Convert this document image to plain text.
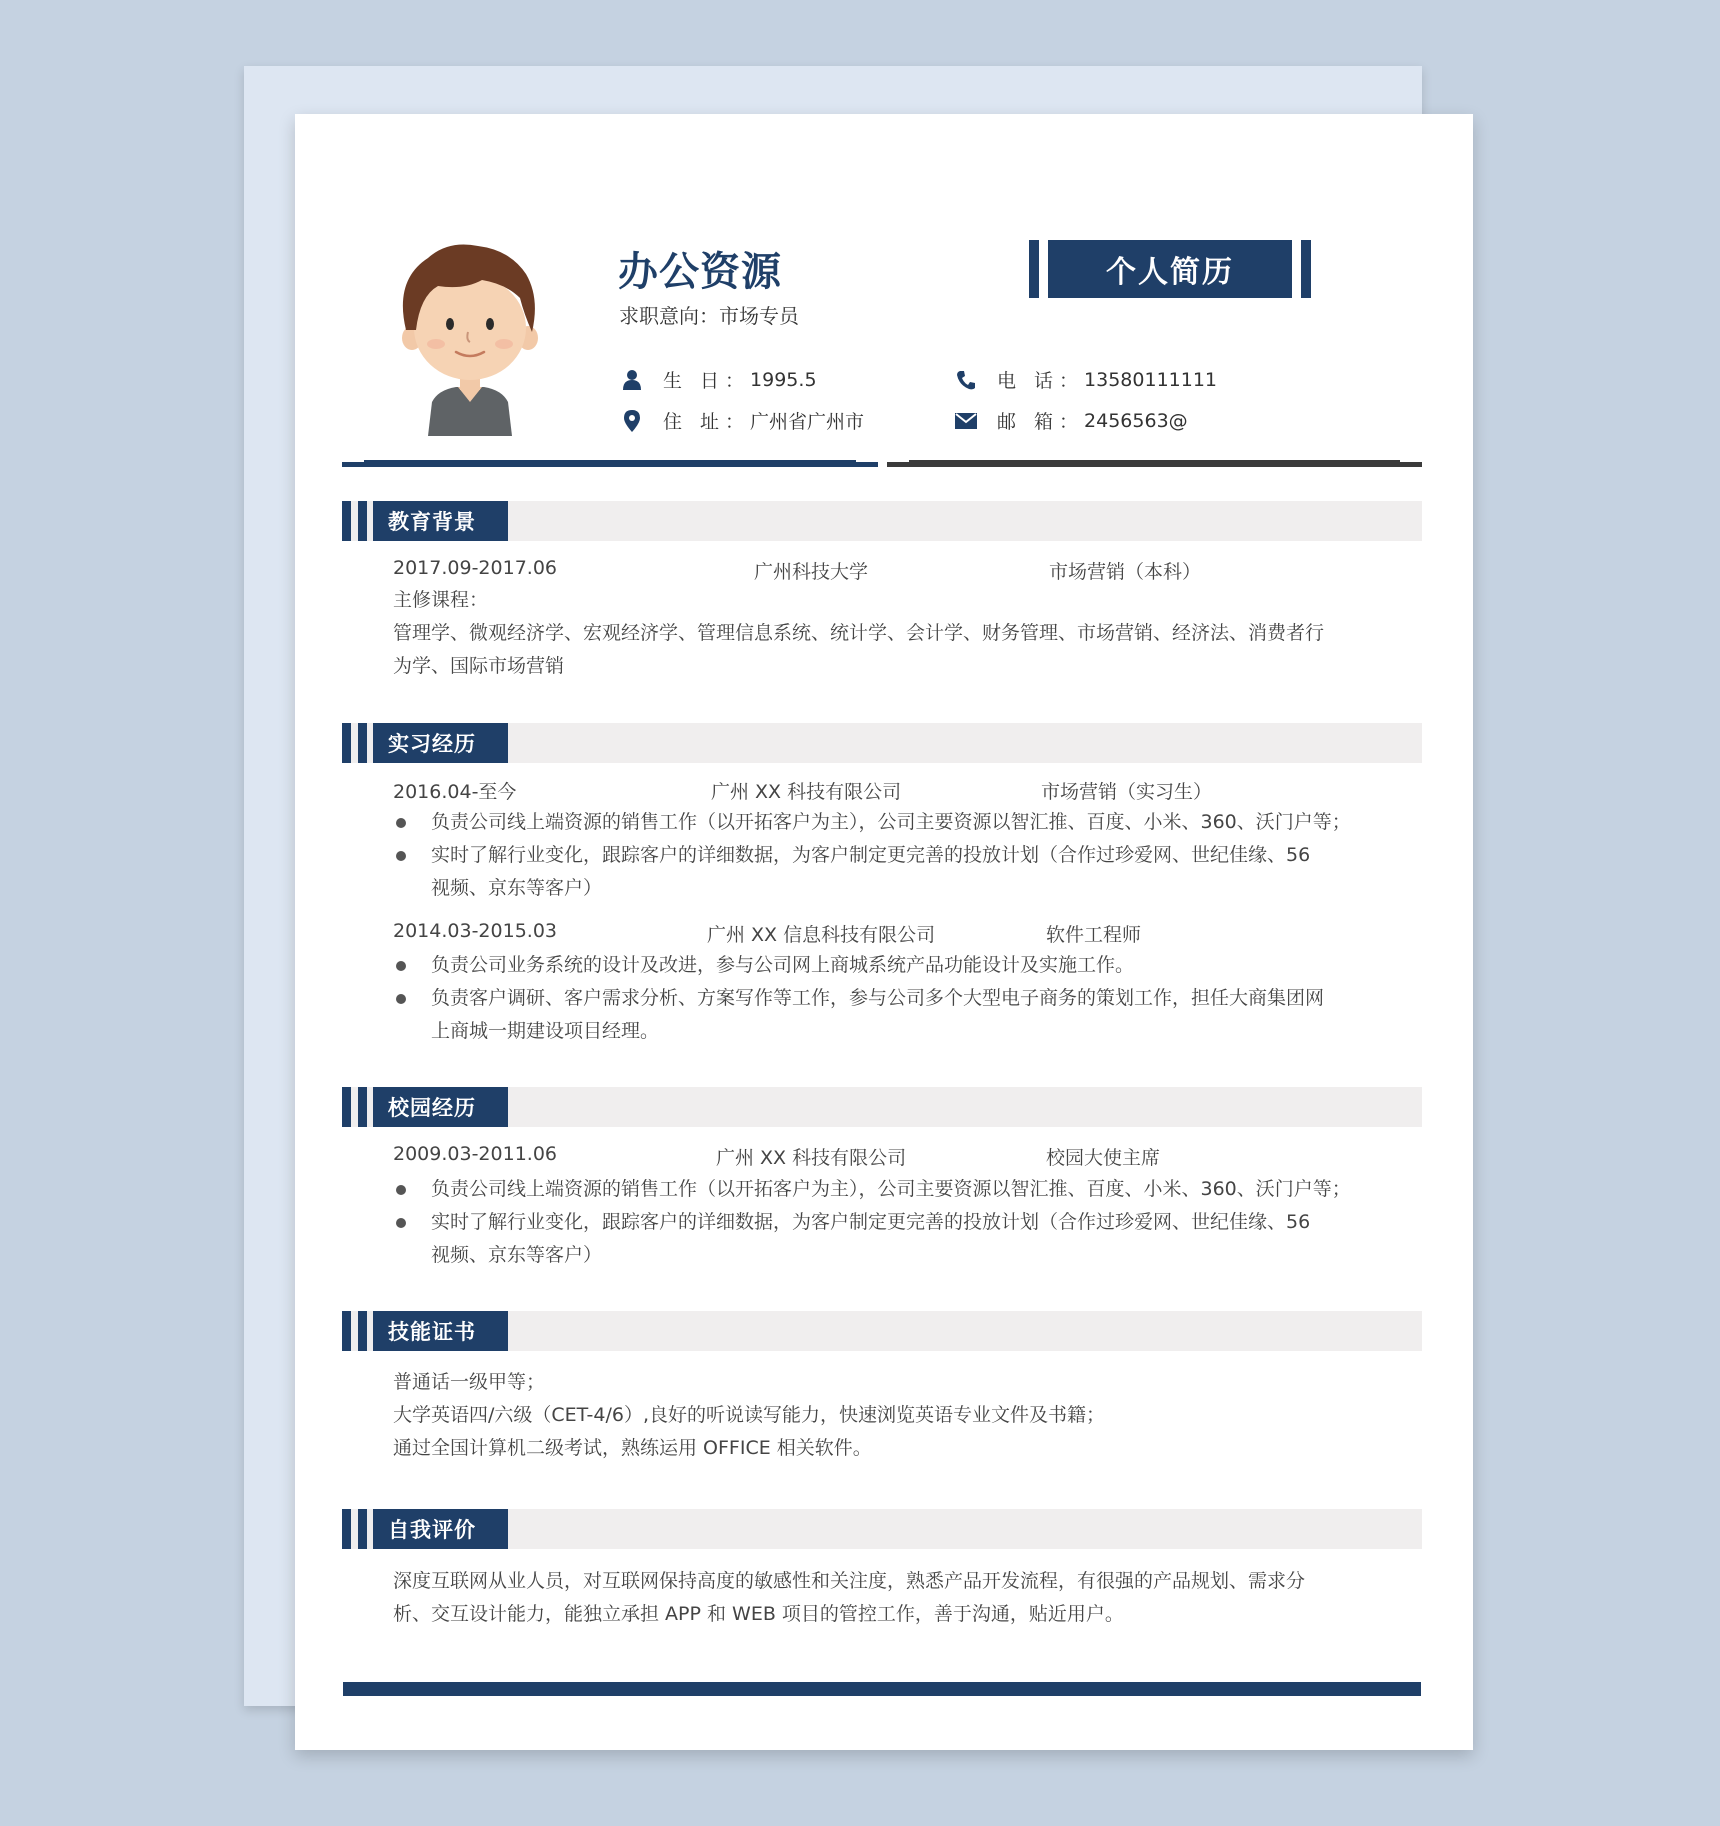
办公资源
求职意向：市场专员
个人简历
生 日： 1995.5
住 址： 广州省广州市
电 话： 13580111111
邮 箱： 2456563@
教育背景
2017.09-2017.06	广州科技大学	市场营销（本科）
主修课程：
管理学、微观经济学、宏观经济学、管理信息系统、统计学、会计学、财务管理、市场营销、经济法、消费者行为学、国际市场营销
实习经历
2016.04-至今	广州 XX 科技有限公司	市场营销（实习生）
负责公司线上端资源的销售工作（以开拓客户为主），公司主要资源以智汇推、百度、小米、360、沃门户等；
实时了解行业变化，跟踪客户的详细数据，为客户制定更完善的投放计划（合作过珍爱网、世纪佳缘、56 视频、京东等客户）
2014.03-2015.03	广州 XX 信息科技有限公司	软件工程师
负责公司业务系统的设计及改进，参与公司网上商城系统产品功能设计及实施工作。
负责客户调研、客户需求分析、方案写作等工作，参与公司多个大型电子商务的策划工作，担任大商集团网上商城一期建设项目经理。
校园经历
2009.03-2011.06	广州 XX 科技有限公司	校园大使主席
负责公司线上端资源的销售工作（以开拓客户为主），公司主要资源以智汇推、百度、小米、360、沃门户等；
实时了解行业变化，跟踪客户的详细数据，为客户制定更完善的投放计划（合作过珍爱网、世纪佳缘、56 视频、京东等客户）
技能证书
普通话一级甲等；
大学英语四/六级（CET-4/6）,良好的听说读写能力，快速浏览英语专业文件及书籍；
通过全国计算机二级考试，熟练运用 OFFICE 相关软件。
自我评价
深度互联网从业人员，对互联网保持高度的敏感性和关注度，熟悉产品开发流程，有很强的产品规划、需求分析、交互设计能力，能独立承担 APP 和 WEB 项目的管控工作，善于沟通，贴近用户。
